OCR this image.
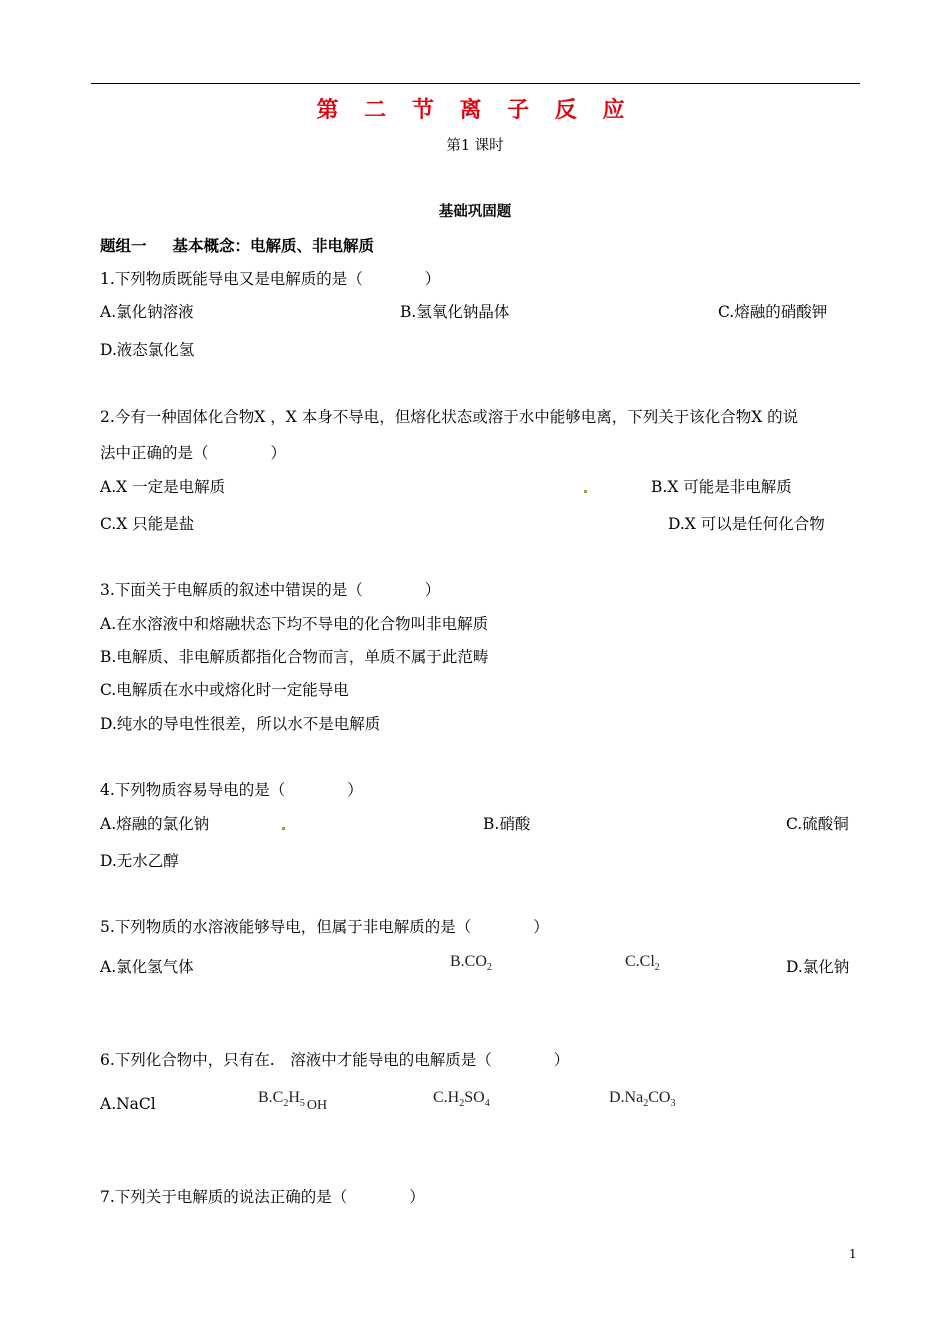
第 二 节 离 子 反 应
第1 课时
基础巩固题
题组一 基本概念：电解质、非电解质
1.下列物质既能导电又是电解质的是（　　　　）
A.氯化钠溶液	B.氢氧化钠晶体	C.熔融的硝酸钾
D.液态氯化氢
2.今有一种固体化合物X ，X 本身不导电，但熔化状态或溶于水中能够电离，下列关于该化合物X 的说
法中正确的是（　　　　）
A.X 一定是电解质	B.X 可能是非电解质
C.X 只能是盐	D.X 可以是任何化合物
3.下面关于电解质的叙述中错误的是（　　　　）
A.在水溶液中和熔融状态下均不导电的化合物叫非电解质
B.电解质、非电解质都指化合物而言，单质不属于此范畴
C.电解质在水中或熔化时一定能导电
D.纯水的导电性很差，所以水不是电解质
4.下列物质容易导电的是（　　　　）
A.熔融的氯化钠	B.硝酸	C.硫酸铜
D.无水乙醇
5.下列物质的水溶液能够导电，但属于非电解质的是（　　　　）
A.氯化氢气体	$B.CO_2$	$C.Cl_2$	D.氯化钠
6.下列化合物中，只有在.　溶液中才能导电的电解质是（　　　　）
A.NaCl	$B.C_2H_5$ OH	$C.H_2SO_4$	$D.Na_2CO_3$
7.下列关于电解质的说法正确的是（　　　　）
1
